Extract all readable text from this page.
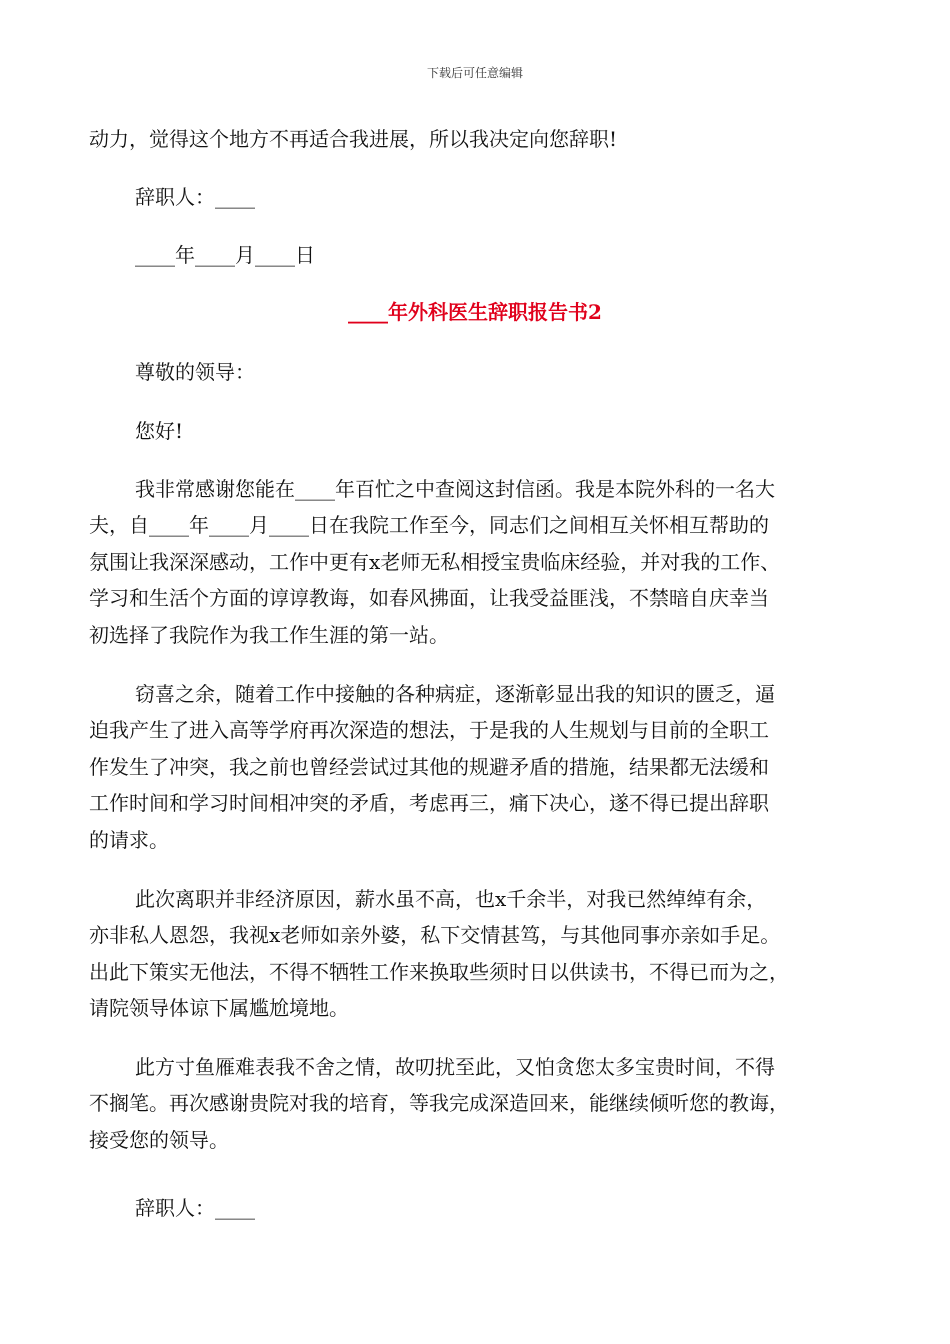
下载后可任意编辑
动力，觉得这个地方不再适合我进展，所以我决定向您辞职!
辞职人：____
____年____月____日
____年外科医生辞职报告书2
尊敬的领导：
您好!
我非常感谢您能在____年百忙之中查阅这封信函。我是本院外科的一名大
夫，自____年____月____日在我院工作至今，同志们之间相互关怀相互帮助的
氛围让我深深感动，工作中更有x老师无私相授宝贵临床经验，并对我的工作、
学习和生活个方面的谆谆教诲，如春风拂面，让我受益匪浅，不禁暗自庆幸当
初选择了我院作为我工作生涯的第一站。
窃喜之余，随着工作中接触的各种病症，逐渐彰显出我的知识的匮乏，逼
迫我产生了进入高等学府再次深造的想法，于是我的人生规划与目前的全职工
作发生了冲突，我之前也曾经尝试过其他的规避矛盾的措施，结果都无法缓和
工作时间和学习时间相冲突的矛盾，考虑再三，痛下决心，遂不得已提出辞职
的请求。
此次离职并非经济原因，薪水虽不高，也x千余半，对我已然绰绰有余，
亦非私人恩怨，我视x老师如亲外婆，私下交情甚笃，与其他同事亦亲如手足。
出此下策实无他法，不得不牺牲工作来换取些须时日以供读书，不得已而为之，
请院领导体谅下属尴尬境地。
此方寸鱼雁难表我不舍之情，故叨扰至此，又怕贪您太多宝贵时间，不得
不搁笔。再次感谢贵院对我的培育，等我完成深造回来，能继续倾听您的教诲，
接受您的领导。
辞职人：____
